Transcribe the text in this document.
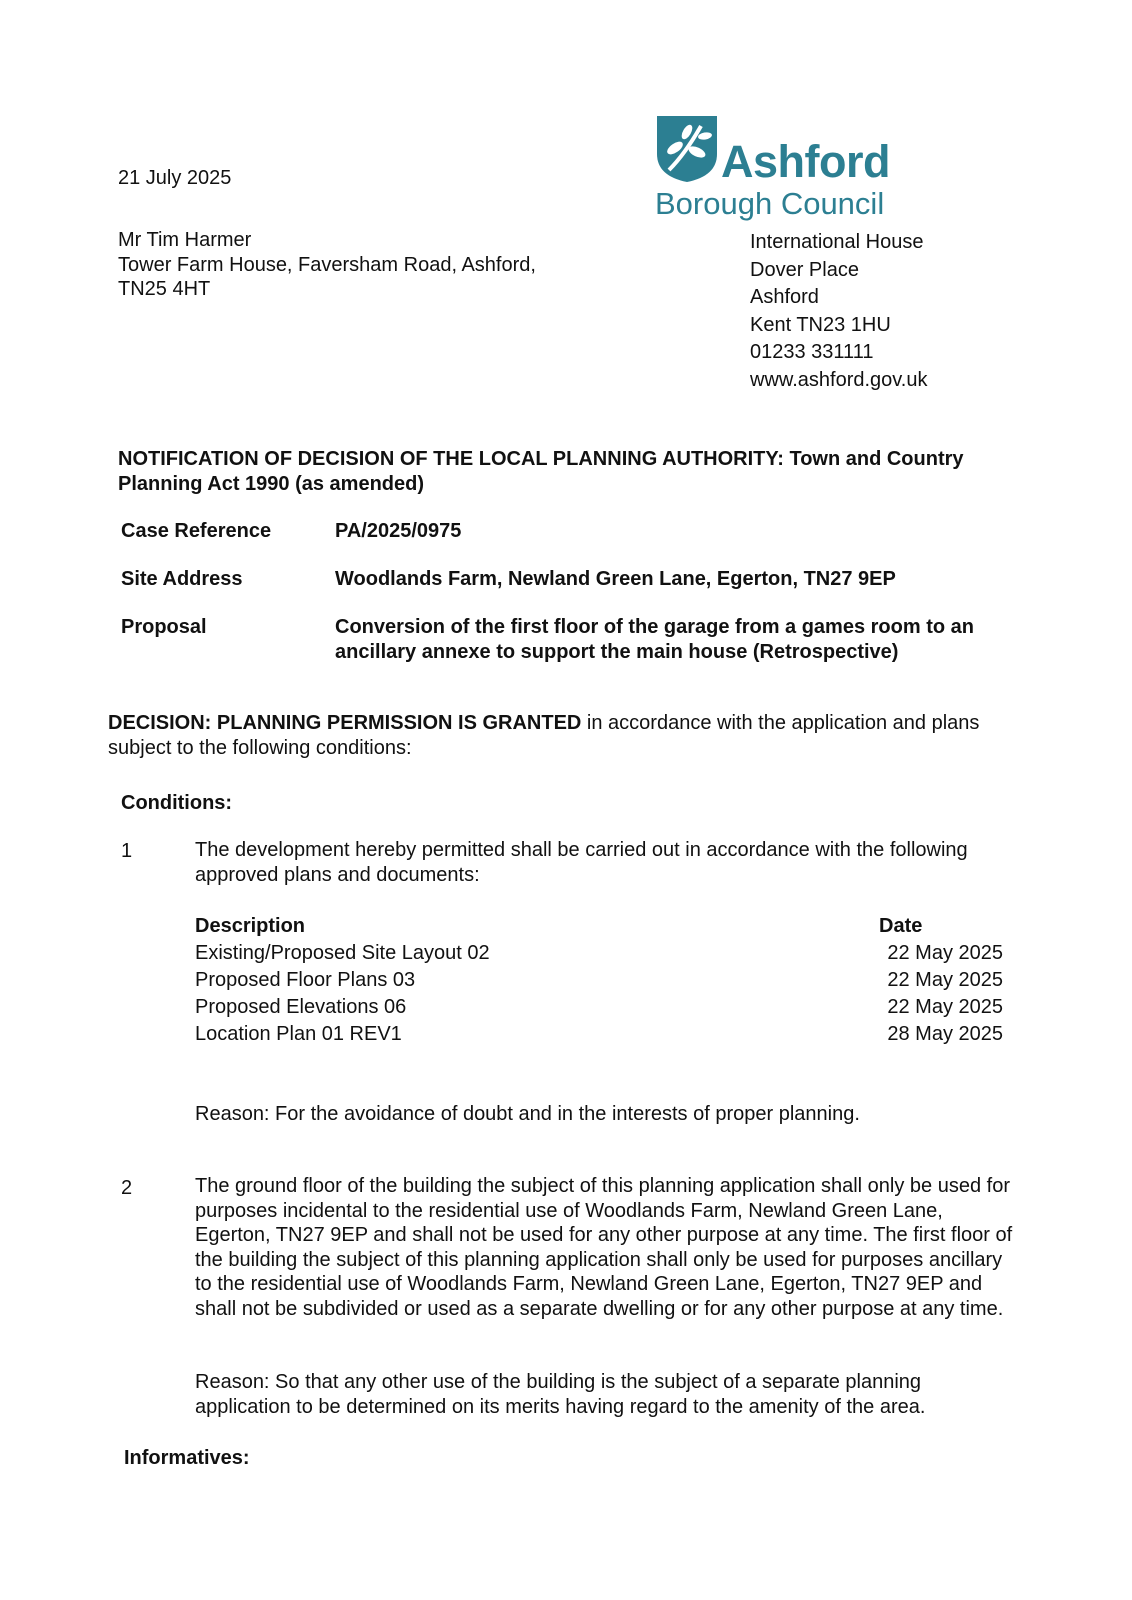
21 July 2025	Ashford
Borough Council
Mr Tim Harmer
Tower Farm House, Faversham Road, Ashford,
TN25 4HT
International House
Dover Place
Ashford
Kent TN23 1HU
01233 331111
www.ashford.gov.uk
NOTIFICATION OF DECISION OF THE LOCAL PLANNING AUTHORITY: Town and Country Planning Act 1990 (as amended)
Case Reference	PA/2025/0975
Site Address	Woodlands Farm, Newland Green Lane, Egerton, TN27 9EP
Proposal	Conversion of the first floor of the garage from a games room to an ancillary annexe to support the main house (Retrospective)
DECISION: PLANNING PERMISSION IS GRANTED in accordance with the application and plans subject to the following conditions:
Conditions:
1	The development hereby permitted shall be carried out in accordance with the following approved plans and documents:
Description	Date
Existing/Proposed Site Layout 02	22 May 2025
Proposed Floor Plans 03	22 May 2025
Proposed Elevations 06	22 May 2025
Location Plan 01 REV1	28 May 2025
Reason: For the avoidance of doubt and in the interests of proper planning.
2	The ground floor of the building the subject of this planning application shall only be used for purposes incidental to the residential use of Woodlands Farm, Newland Green Lane, Egerton, TN27 9EP and shall not be used for any other purpose at any time. The first floor of the building the subject of this planning application shall only be used for purposes ancillary to the residential use of Woodlands Farm, Newland Green Lane, Egerton, TN27 9EP and shall not be subdivided or used as a separate dwelling or for any other purpose at any time.
Reason: So that any other use of the building is the subject of a separate planning application to be determined on its merits having regard to the amenity of the area.
Informatives:
